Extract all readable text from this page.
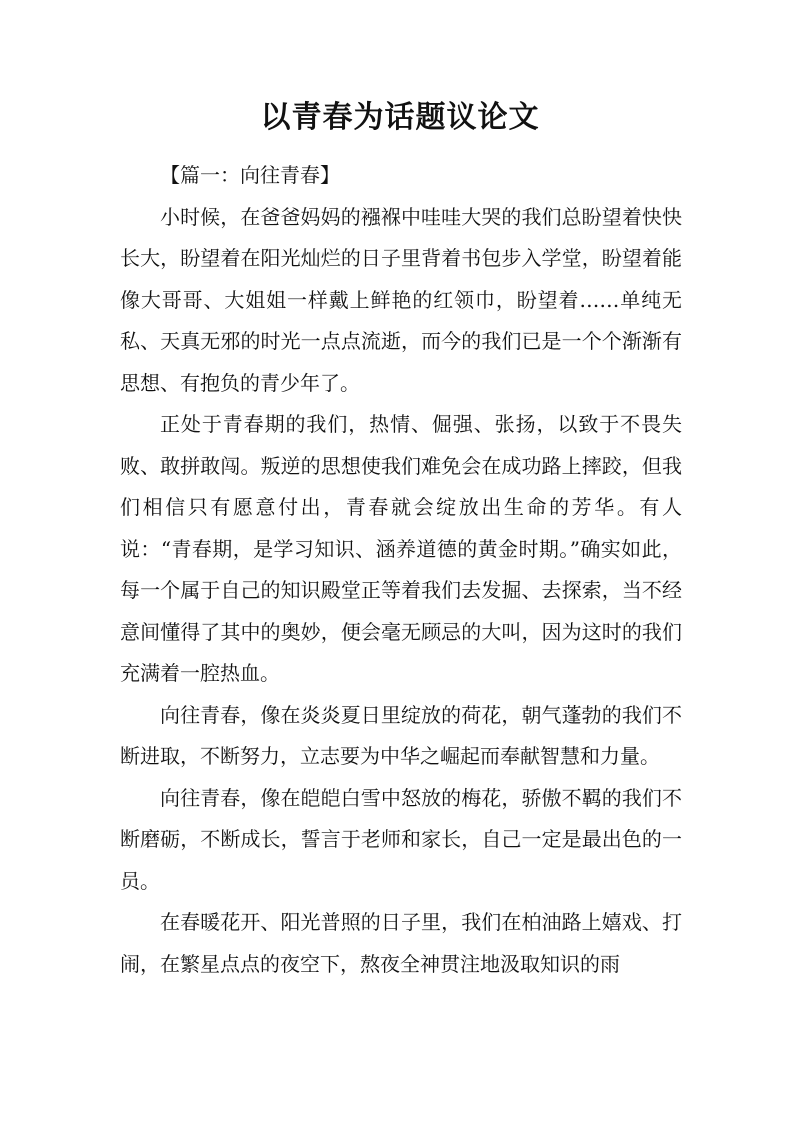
以青春为话题议论文

【篇一：向往青春】

小时候，在爸爸妈妈的襁褓中哇哇大哭的我们总盼望着快快长大，盼望着在阳光灿烂的日子里背着书包步入学堂，盼望着能像大哥哥、大姐姐一样戴上鲜艳的红领巾，盼望着……单纯无私、天真无邪的时光一点点流逝，而今的我们已是一个个渐渐有思想、有抱负的青少年了。

正处于青春期的我们，热情、倔强、张扬，以致于不畏失败、敢拼敢闯。叛逆的思想使我们难免会在成功路上摔跤，但我们相信只有愿意付出，青春就会绽放出生命的芳华。有人说：“青春期，是学习知识、涵养道德的黄金时期。”确实如此，每一个属于自己的知识殿堂正等着我们去发掘、去探索，当不经意间懂得了其中的奥妙，便会毫无顾忌的大叫，因为这时的我们充满着一腔热血。

向往青春，像在炎炎夏日里绽放的荷花，朝气蓬勃的我们不断进取，不断努力，立志要为中华之崛起而奉献智慧和力量。

向往青春，像在皑皑白雪中怒放的梅花，骄傲不羁的我们不断磨砺，不断成长，誓言于老师和家长，自己一定是最出色的一员。

在春暖花开、阳光普照的日子里，我们在柏油路上嬉戏、打闹，在繁星点点的夜空下，熬夜全神贯注地汲取知识的雨
